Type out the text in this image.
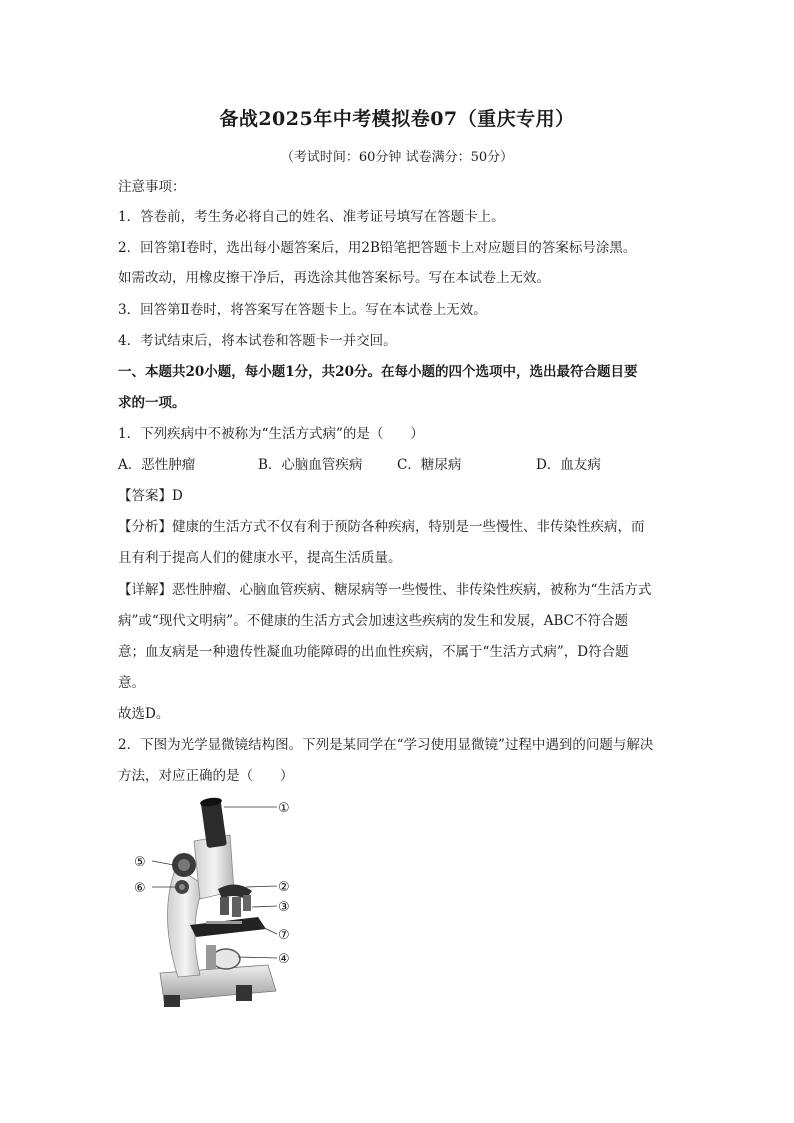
备战2025年中考模拟卷07（重庆专用）
（考试时间：60分钟 试卷满分：50分）
注意事项：
1．答卷前，考生务必将自己的姓名、准考证号填写在答题卡上。
2．回答第Ⅰ卷时，选出每小题答案后，用2B铅笔把答题卡上对应题目的答案标号涂黑。
如需改动，用橡皮擦干净后，再选涂其他答案标号。写在本试卷上无效。
3．回答第Ⅱ卷时，将答案写在答题卡上。写在本试卷上无效。
4．考试结束后，将本试卷和答题卡一并交回。
一、本题共20小题，每小题1分，共20分。在每小题的四个选项中，选出最符合题目要
求的一项。
1．下列疾病中不被称为“生活方式病”的是（　　）
A．恶性肿瘤	B．心脑血管疾病	C．糖尿病	D．血友病
【答案】D
【分析】健康的生活方式不仅有利于预防各种疾病，特别是一些慢性、非传染性疾病，而
且有利于提高人们的健康水平，提高生活质量。
【详解】恶性肿瘤、心脑血管疾病、糖尿病等一些慢性、非传染性疾病，被称为“生活方式
病”或“现代文明病”。不健康的生活方式会加速这些疾病的发生和发展，ABC不符合题
意；血友病是一种遗传性凝血功能障碍的出血性疾病，不属于“生活方式病”，D符合题
意。
故选D。
2．下图为光学显微镜结构图。下列是某同学在“学习使用显微镜”过程中遇到的问题与解决
方法，对应正确的是（　　）
①
②
③
④
⑤
⑥
⑦
